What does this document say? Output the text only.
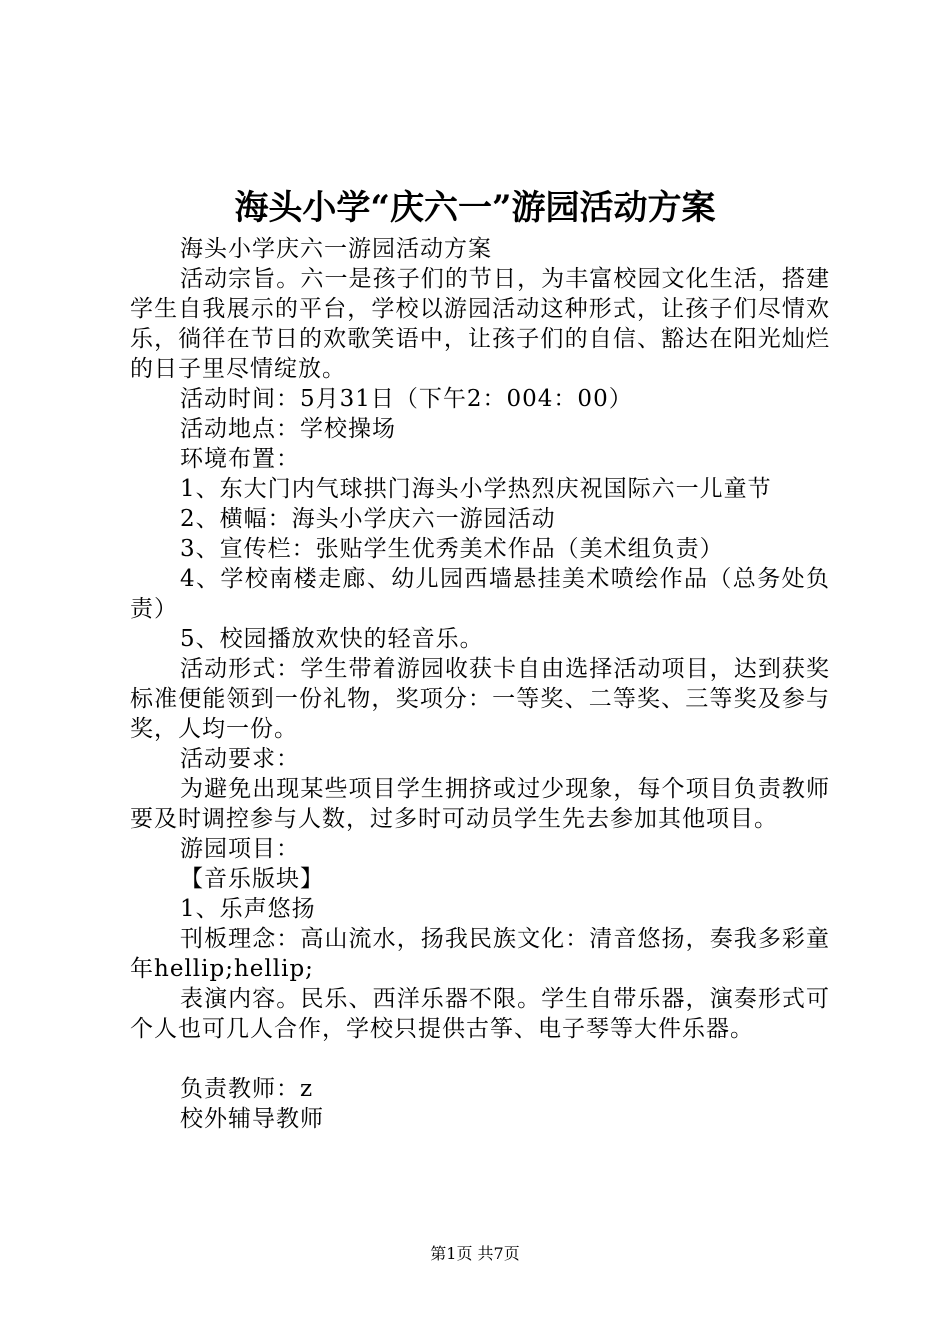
海头小学“庆六一”游园活动方案

海头小学庆六一游园活动方案

活动宗旨。六一是孩子们的节日，为丰富校园文化生活，搭建学生自我展示的平台，学校以游园活动这种形式，让孩子们尽情欢乐，徜徉在节日的欢歌笑语中，让孩子们的自信、豁达在阳光灿烂的日子里尽情绽放。

活动时间：5月31日（下午2：004：00）

活动地点：学校操场

环境布置：

1、东大门内气球拱门海头小学热烈庆祝国际六一儿童节

2、横幅：海头小学庆六一游园活动

3、宣传栏：张贴学生优秀美术作品（美术组负责）

4、学校南楼走廊、幼儿园西墙悬挂美术喷绘作品（总务处负责）

5、校园播放欢快的轻音乐。

活动形式：学生带着游园收获卡自由选择活动项目，达到获奖标准便能领到一份礼物，奖项分：一等奖、二等奖、三等奖及参与奖，人均一份。

活动要求：

为避免出现某些项目学生拥挤或过少现象，每个项目负责教师要及时调控参与人数，过多时可动员学生先去参加其他项目。

游园项目：

【音乐版块】

1、乐声悠扬

刊板理念：高山流水，扬我民族文化：清音悠扬，奏我多彩童年hellip;hellip;

表演内容。民乐、西洋乐器不限。学生自带乐器，演奏形式可个人也可几人合作，学校只提供古筝、电子琴等大件乐器。

负责教师：z

校外辅导教师

第1页 共7页
